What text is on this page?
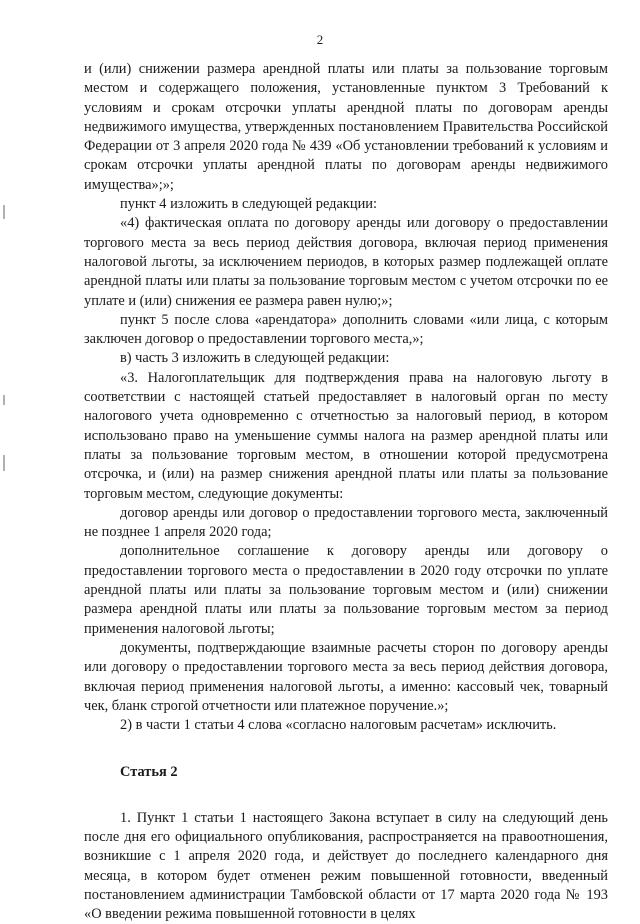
2

и (или) снижении размера арендной платы или платы за пользование торговым местом и содержащего положения, установленные пунктом 3 Требований к условиям и срокам отсрочки уплаты арендной платы по договорам аренды недвижимого имущества, утвержденных постановлением Правительства Российской Федерации от 3 апреля 2020 года № 439 «Об установлении требований к условиям и срокам отсрочки уплаты арендной платы по договорам аренды недвижимого имущества»;»;

пункт 4 изложить в следующей редакции:

«4) фактическая оплата по договору аренды или договору о предоставлении торгового места за весь период действия договора, включая период применения налоговой льготы, за исключением периодов, в которых размер подлежащей оплате арендной платы или платы за пользование торговым местом с учетом отсрочки по ее уплате и (или) снижения ее размера равен нулю;»;

пункт 5 после слова «арендатора» дополнить словами «или лица, с которым заключен договор о предоставлении торгового места,»;

в) часть 3 изложить в следующей редакции:

«3. Налогоплательщик для подтверждения права на налоговую льготу в соответствии с настоящей статьей предоставляет в налоговый орган по месту налогового учета одновременно с отчетностью за налоговый период, в котором использовано право на уменьшение суммы налога на размер арендной платы или платы за пользование торговым местом, в отношении которой предусмотрена отсрочка, и (или) на размер снижения арендной платы или платы за пользование торговым местом, следующие документы:

договор аренды или договор о предоставлении торгового места, заключенный не позднее 1 апреля 2020 года;

дополнительное соглашение к договору аренды или договору о предоставлении торгового места о предоставлении в 2020 году отсрочки по уплате арендной платы или платы за пользование торговым местом и (или) снижении размера арендной платы или платы за пользование торговым местом за период применения налоговой льготы;

документы, подтверждающие взаимные расчеты сторон по договору аренды или договору о предоставлении торгового места за весь период действия договора, включая период применения налоговой льготы, а именно: кассовый чек, товарный чек, бланк строгой отчетности или платежное поручение.»;

2) в части 1 статьи 4 слова «согласно налоговым расчетам» исключить.

Статья 2

1. Пункт 1 статьи 1 настоящего Закона вступает в силу на следующий день после дня его официального опубликования, распространяется на правоотношения, возникшие с 1 апреля 2020 года, и действует до последнего календарного дня месяца, в котором будет отменен режим повышенной готовности, введенный постановлением администрации Тамбовской области от 17 марта 2020 года № 193 «О введении режима повышенной готовности в целях
